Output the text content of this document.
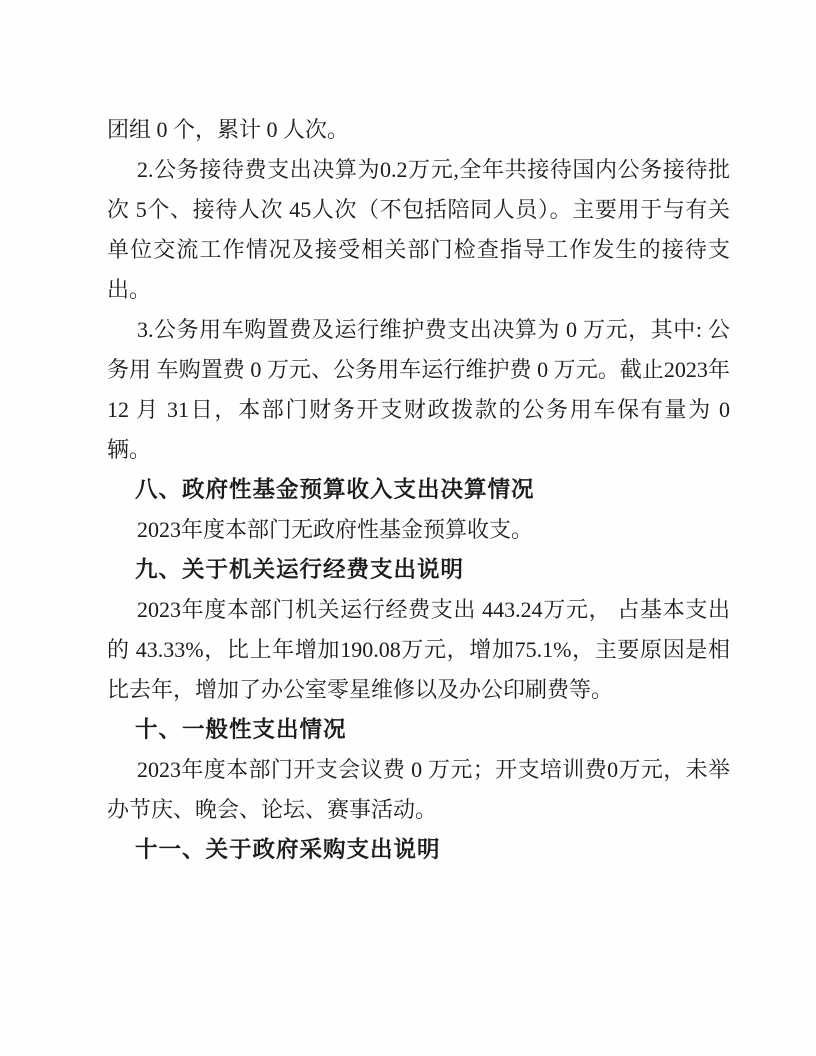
团组 0 个，累计 0 人次。

2.公务接待费支出决算为0.2万元,全年共接待国内公务接待批 次 5个、接待人次 45人次（不包括陪同人员）。主要用于与有关单位交流工作情况及接受相关部门检查指导工作发生的接待支出。

3.公务用车购置费及运行维护费支出决算为 0 万元，其中: 公务用 车购置费 0 万元、公务用车运行维护费 0 万元。截止2023年 12 月 31日，本部门财务开支财政拨款的公务用车保有量为 0 辆。

八、政府性基金预算收入支出决算情况

2023年度本部门无政府性基金预算收支。

九、关于机关运行经费支出说明

2023年度本部门机关运行经费支出 443.24万元， 占基本支出的 43.33%，比上年增加190.08万元，增加75.1%，主要原因是相比去年，增加了办公室零星维修以及办公印刷费等。

十、一般性支出情况

2023年度本部门开支会议费 0 万元；开支培训费0万元，未举办节庆、晚会、论坛、赛事活动。

十一、关于政府采购支出说明
